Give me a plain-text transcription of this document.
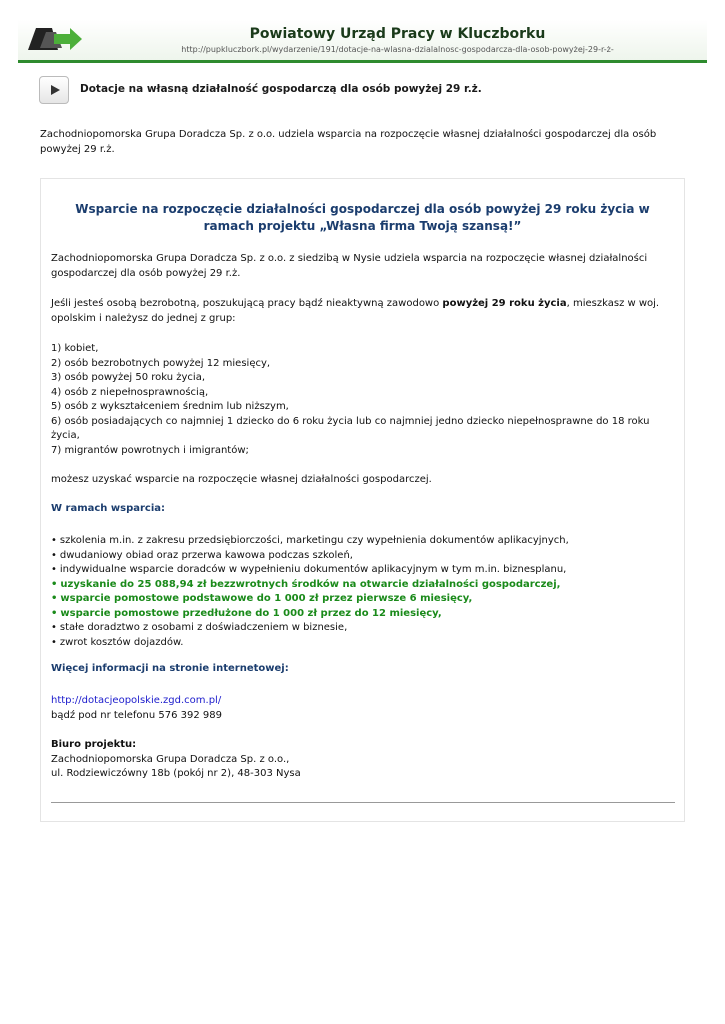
Powiatowy Urząd Pracy w Kluczborku
http://pupkluczbork.pl/wydarzenie/191/dotacje-na-wlasna-dzialalnosc-gospodarcza-dla-osob-powyżej-29-r-ż-
Dotacje na własną działalność gospodarczą dla osób powyżej 29 r.ż.
Zachodniopomorska Grupa Doradcza Sp. z o.o. udziela wsparcia na rozpoczęcie własnej działalności gospodarczej dla osób powyżej 29 r.ż.
Wsparcie na rozpoczęcie działalności gospodarczej dla osób powyżej 29 roku życia w ramach projektu „Własna firma Twoją szansą!”
Zachodniopomorska Grupa Doradcza Sp. z o.o. z siedzibą w Nysie udziela wsparcia na rozpoczęcie własnej działalności gospodarczej dla osób powyżej 29 r.ż.
Jeśli jesteś osobą bezrobotną, poszukującą pracy bądź nieaktywną zawodowo powyżej 29 roku życia, mieszkasz w woj. opolskim i należysz do jednej z grup:
1) kobiet,
2) osób bezrobotnych powyżej 12 miesięcy,
3) osób powyżej 50 roku życia,
4) osób z niepełnosprawnością,
5) osób z wykształceniem średnim lub niższym,
6) osób posiadających co najmniej 1 dziecko do 6 roku życia lub co najmniej jedno dziecko niepełnosprawne do 18 roku życia,
7) migrantów powrotnych i imigrantów;
możesz uzyskać wsparcie na rozpoczęcie własnej działalności gospodarczej.
W ramach wsparcia:
• szkolenia m.in. z zakresu przedsiębiorczości, marketingu czy wypełnienia dokumentów aplikacyjnych,
• dwudaniowy obiad oraz przerwa kawowa podczas szkoleń,
• indywidualne wsparcie doradców w wypełnieniu dokumentów aplikacyjnym w tym m.in. biznesplanu,
• uzyskanie do 25 088,94 zł bezzwrotnych środków na otwarcie działalności gospodarczej,
• wsparcie pomostowe podstawowe do 1 000 zł przez pierwsze 6 miesięcy,
• wsparcie pomostowe przedłużone do 1 000 zł przez do 12 miesięcy,
• stałe doradztwo z osobami z doświadczeniem w biznesie,
• zwrot kosztów dojazdów.
Więcej informacji na stronie internetowej:
http://dotacjeopolskie.zgd.com.pl/
bądź pod nr telefonu 576 392 989
Biuro projektu:
Zachodniopomorska Grupa Doradcza Sp. z o.o.,
ul. Rodziewiczówny 18b (pokój nr 2), 48-303 Nysa
